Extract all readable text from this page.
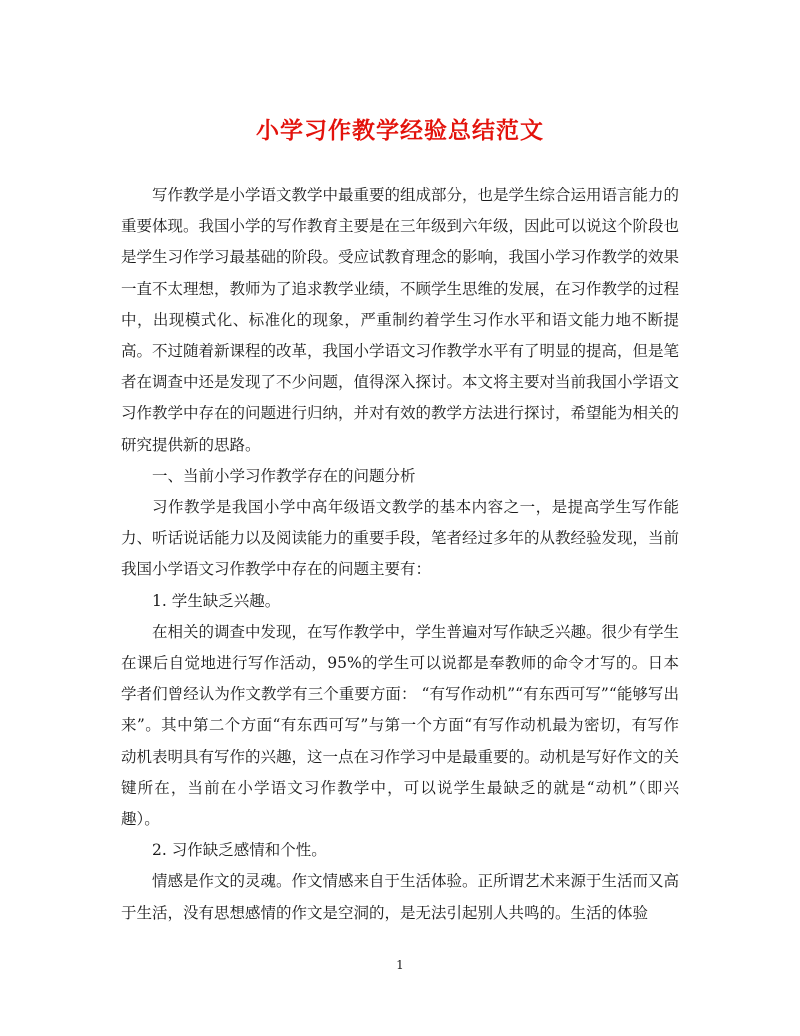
小学习作教学经验总结范文

写作教学是小学语文教学中最重要的组成部分，也是学生综合运用语言能力的重要体现。我国小学的写作教育主要是在三年级到六年级，因此可以说这个阶段也是学生习作学习最基础的阶段。受应试教育理念的影响，我国小学习作教学的效果一直不太理想，教师为了追求教学业绩，不顾学生思维的发展，在习作教学的过程中，出现模式化、标准化的现象，严重制约着学生习作水平和语文能力地不断提高。不过随着新课程的改革，我国小学语文习作教学水平有了明显的提高，但是笔者在调查中还是发现了不少问题，值得深入探讨。本文将主要对当前我国小学语文习作教学中存在的问题进行归纳，并对有效的教学方法进行探讨，希望能为相关的研究提供新的思路。

一、当前小学习作教学存在的问题分析

习作教学是我国小学中高年级语文教学的基本内容之一，是提高学生写作能力、听话说话能力以及阅读能力的重要手段，笔者经过多年的从教经验发现，当前我国小学语文习作教学中存在的问题主要有：

1. 学生缺乏兴趣。

在相关的调查中发现，在写作教学中，学生普遍对写作缺乏兴趣。很少有学生在课后自觉地进行写作活动，95%的学生可以说都是奉教师的命令才写的。日本学者们曾经认为作文教学有三个重要方面： “有写作动机”“有东西可写”“能够写出来”。其中第二个方面“有东西可写”与第一个方面“有写作动机最为密切，有写作动机表明具有写作的兴趣，这一点在习作学习中是最重要的。动机是写好作文的关键所在，当前在小学语文习作教学中，可以说学生最缺乏的就是“动机”（即兴趣）。

2. 习作缺乏感情和个性。

情感是作文的灵魂。作文情感来自于生活体验。正所谓艺术来源于生活而又高于生活，没有思想感情的作文是空洞的，是无法引起别人共鸣的。生活的体验

1
